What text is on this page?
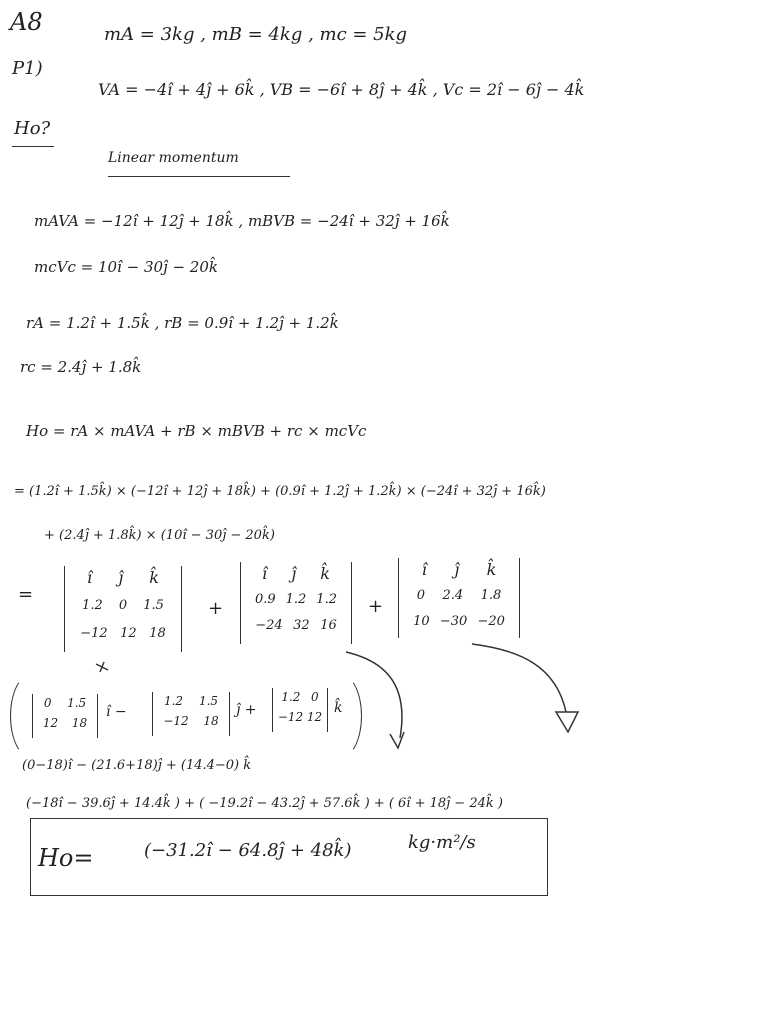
A8
P1)
Ho?
mA = 3kg , mB = 4kg , mc = 5kg
VA = −4î + 4ĵ + 6k̂ , VB = −6î + 8ĵ + 4k̂ , Vc = 2î − 6ĵ − 4k̂
Linear momentum
mAVA = −12î + 12ĵ + 18k̂ , mBVB = −24î + 32ĵ + 16k̂
mcVc = 10î − 30ĵ − 20k̂
rA = 1.2î + 1.5k̂ , rB = 0.9î + 1.2ĵ + 1.2k̂
rc = 2.4ĵ + 1.8k̂
Ho = rA × mAVA + rB × mBVB + rc × mcVc
= (1.2î + 1.5k̂) × (−12î + 12ĵ + 18k̂) + (0.9î + 1.2ĵ + 1.2k̂) × (−24î + 32ĵ + 16k̂)
+ (2.4ĵ + 1.8k̂) × (10î − 30ĵ − 20k̂)
=
î ĵ k̂
1.2 0 1.5
−12 12 18
+
î ĵ k̂
0.9 1.2 1.2
−24 32 16
+
î ĵ k̂
0 2.4 1.8
10 −30 −20
0 1.5
12 18
î −
1.2 1.5
−12 18
ĵ +
1.2 0
−12 12
k̂
(0−18)î − (21.6+18)ĵ + (14.4−0) k̂
(−18î − 39.6ĵ + 14.4k̂ ) + ( −19.2î − 43.2ĵ + 57.6k̂ ) + ( 6î + 18ĵ − 24k̂ )
Ho=	(−31.2î − 64.8ĵ + 48k̂)	kg·m²/s
